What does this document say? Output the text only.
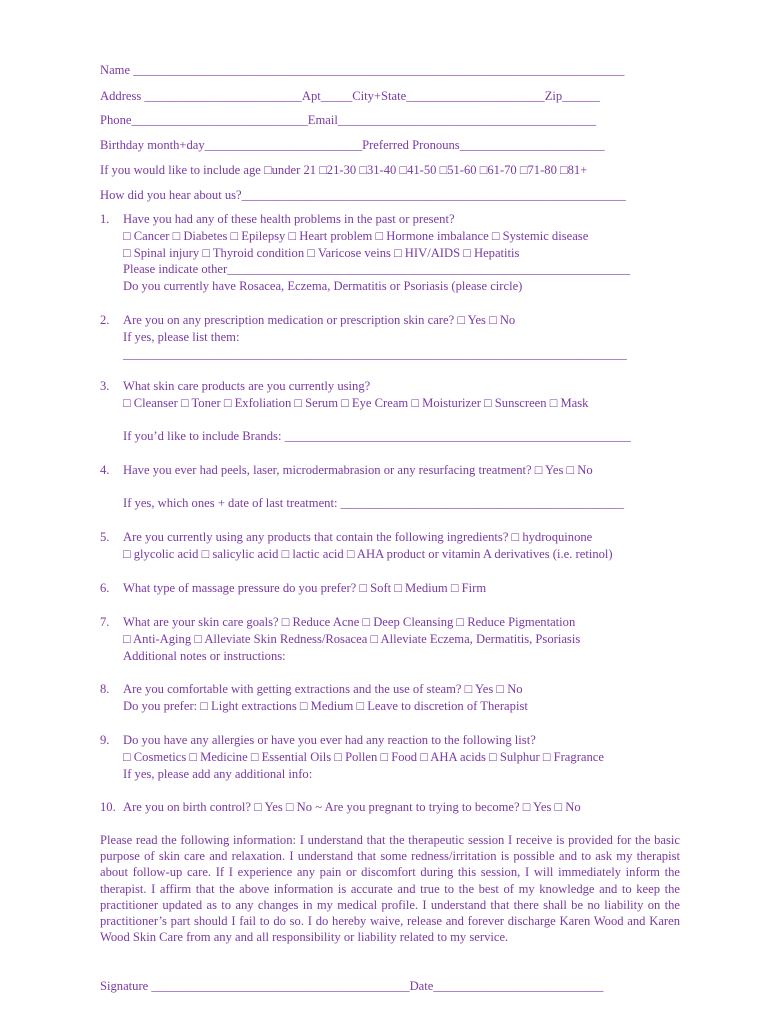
Name ______________________________________________________________________________
Address _________________________Apt_____City+State______________________Zip______
Phone____________________________Email_________________________________________
Birthday month+day_________________________Preferred Pronouns_______________________
If you would like to include age □under 21 □21-30 □31-40 □41-50 □51-60 □61-70 □71-80 □81+
How did you hear about us?_____________________________________________________________
1. Have you had any of these health problems in the past or present?
□ Cancer □ Diabetes □ Epilepsy □ Heart problem □ Hormone imbalance □ Systemic disease
□ Spinal injury □ Thyroid condition □ Varicose veins □ HIV/AIDS □ Hepatitis
Please indicate other________________________________________________________________
Do you currently have Rosacea, Eczema, Dermatitis or Psoriasis (please circle)
2. Are you on any prescription medication or prescription skin care? □ Yes □ No
If yes, please list them:
________________________________________________________________________________
3. What skin care products are you currently using?
□ Cleanser □ Toner □ Exfoliation □ Serum □ Eye Cream □ Moisturizer □ Sunscreen □ Mask
If you’d like to include Brands: _______________________________________________________
4. Have you ever had peels, laser, microdermabrasion or any resurfacing treatment? □ Yes □ No
If yes, which ones + date of last treatment: _____________________________________________
5. Are you currently using any products that contain the following ingredients? □ hydroquinone
□ glycolic acid □ salicylic acid □ lactic acid □ AHA product or vitamin A derivatives (i.e. retinol)
6. What type of massage pressure do you prefer? □ Soft □ Medium □ Firm
7. What are your skin care goals? □ Reduce Acne □ Deep Cleansing □ Reduce Pigmentation
□ Anti-Aging □ Alleviate Skin Redness/Rosacea □ Alleviate Eczema, Dermatitis, Psoriasis
Additional notes or instructions:
8. Are you comfortable with getting extractions and the use of steam? □ Yes □ No
Do you prefer: □ Light extractions □ Medium □ Leave to discretion of Therapist
9. Do you have any allergies or have you ever had any reaction to the following list?
□ Cosmetics □ Medicine □ Essential Oils □ Pollen □ Food □ AHA acids □ Sulphur □ Fragrance
If yes, please add any additional info:
10. Are you on birth control? □ Yes □ No ~ Are you pregnant to trying to become? □ Yes □ No
Please read the following information: I understand that the therapeutic session I receive is provided for the basic purpose of skin care and relaxation. I understand that some redness/irritation is possible and to ask my therapist about follow-up care. If I experience any pain or discomfort during this session, I will immediately inform the therapist. I affirm that the above information is accurate and true to the best of my knowledge and to keep the practitioner updated as to any changes in my medical profile. I understand that there shall be no liability on the practitioner’s part should I fail to do so. I do hereby waive, release and forever discharge Karen Wood and Karen Wood Skin Care from any and all responsibility or liability related to my service.
Signature _________________________________________Date___________________________
